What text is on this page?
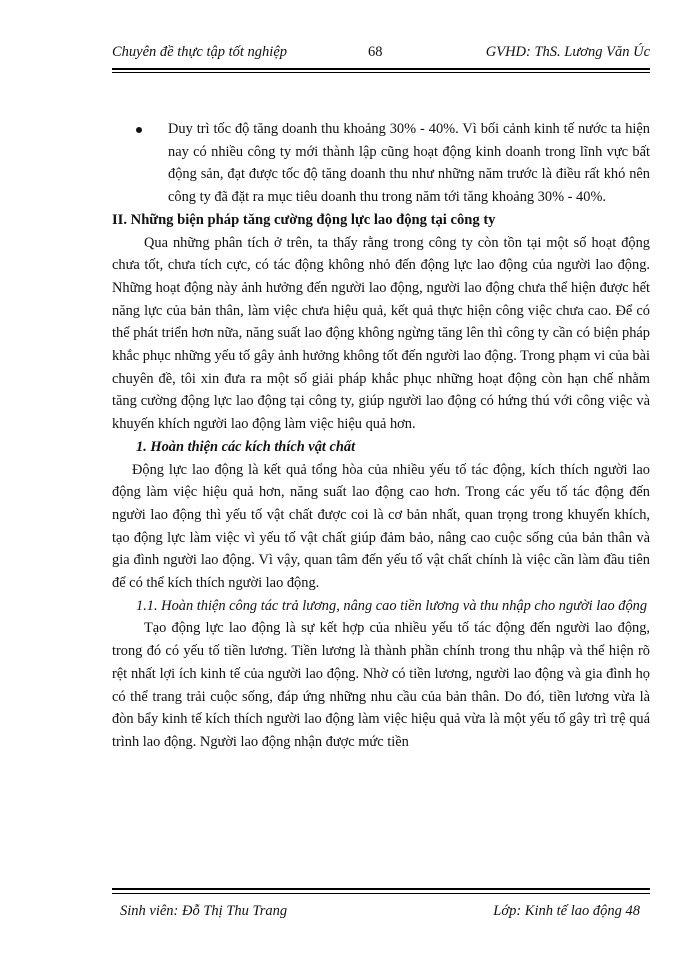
Chuyên đề thực tập tốt nghiệp	68	GVHD: ThS. Lương Văn Úc

Duy trì tốc độ tăng doanh thu khoảng 30% - 40%. Vì bối cảnh kinh tế nước ta hiện nay có nhiều công ty mới thành lập cũng hoạt động kinh doanh trong lĩnh vực bất động sản, đạt được tốc độ tăng doanh thu như những năm trước là điều rất khó nên công ty đã đặt ra mục tiêu doanh thu trong năm tới tăng khoảng 30% - 40%.

II. Những biện pháp tăng cường động lực lao động tại công ty

Qua những phân tích ở trên, ta thấy rằng trong công ty còn tồn tại một số hoạt động chưa tốt, chưa tích cực, có tác động không nhỏ đến động lực lao động của người lao động. Những hoạt động này ảnh hưởng đến người lao động, người lao động chưa thể hiện được hết năng lực của bản thân, làm việc chưa hiệu quả, kết quả thực hiện công việc chưa cao. Để có thể phát triển hơn nữa, năng suất lao động không ngừng tăng lên thì công ty cần có biện pháp khắc phục những yếu tố gây ảnh hưởng không tốt đến người lao động. Trong phạm vi của bài chuyên đề, tôi xin đưa ra một số giải pháp khắc phục những hoạt động còn hạn chế nhằm tăng cường động lực lao động tại công ty, giúp người lao động có hứng thú với công việc và khuyến khích người lao động làm việc hiệu quả hơn.

1. Hoàn thiện các kích thích vật chất

Động lực lao động là kết quả tổng hòa của nhiều yếu tố tác động, kích thích người lao động làm việc hiệu quả hơn, năng suất lao động cao hơn. Trong các yếu tố tác động đến người lao động thì yếu tố vật chất được coi là cơ bản nhất, quan trọng trong khuyến khích, tạo động lực làm việc vì yếu tố vật chất giúp đảm bảo, nâng cao cuộc sống của bản thân và gia đình người lao động. Vì vậy, quan tâm đến yếu tố vật chất chính là việc cần làm đầu tiên để có thể kích thích người lao động.

1.1. Hoàn thiện công tác trả lương, nâng cao tiền lương và thu nhập cho người lao động

Tạo động lực lao động là sự kết hợp của nhiều yếu tố tác động đến người lao động, trong đó có yếu tố tiền lương. Tiền lương là thành phần chính trong thu nhập và thể hiện rõ rệt nhất lợi ích kinh tế của người lao động. Nhờ có tiền lương, người lao động và gia đình họ có thể trang trải cuộc sống, đáp ứng những nhu cầu của bản thân. Do đó, tiền lương vừa là đòn bẩy kinh tế kích thích người lao động làm việc hiệu quả vừa là một yếu tố gây trì trệ quá trình lao động. Người lao động nhận được mức tiền

Sinh viên: Đỗ Thị Thu Trang	Lớp: Kinh tế lao động 48
